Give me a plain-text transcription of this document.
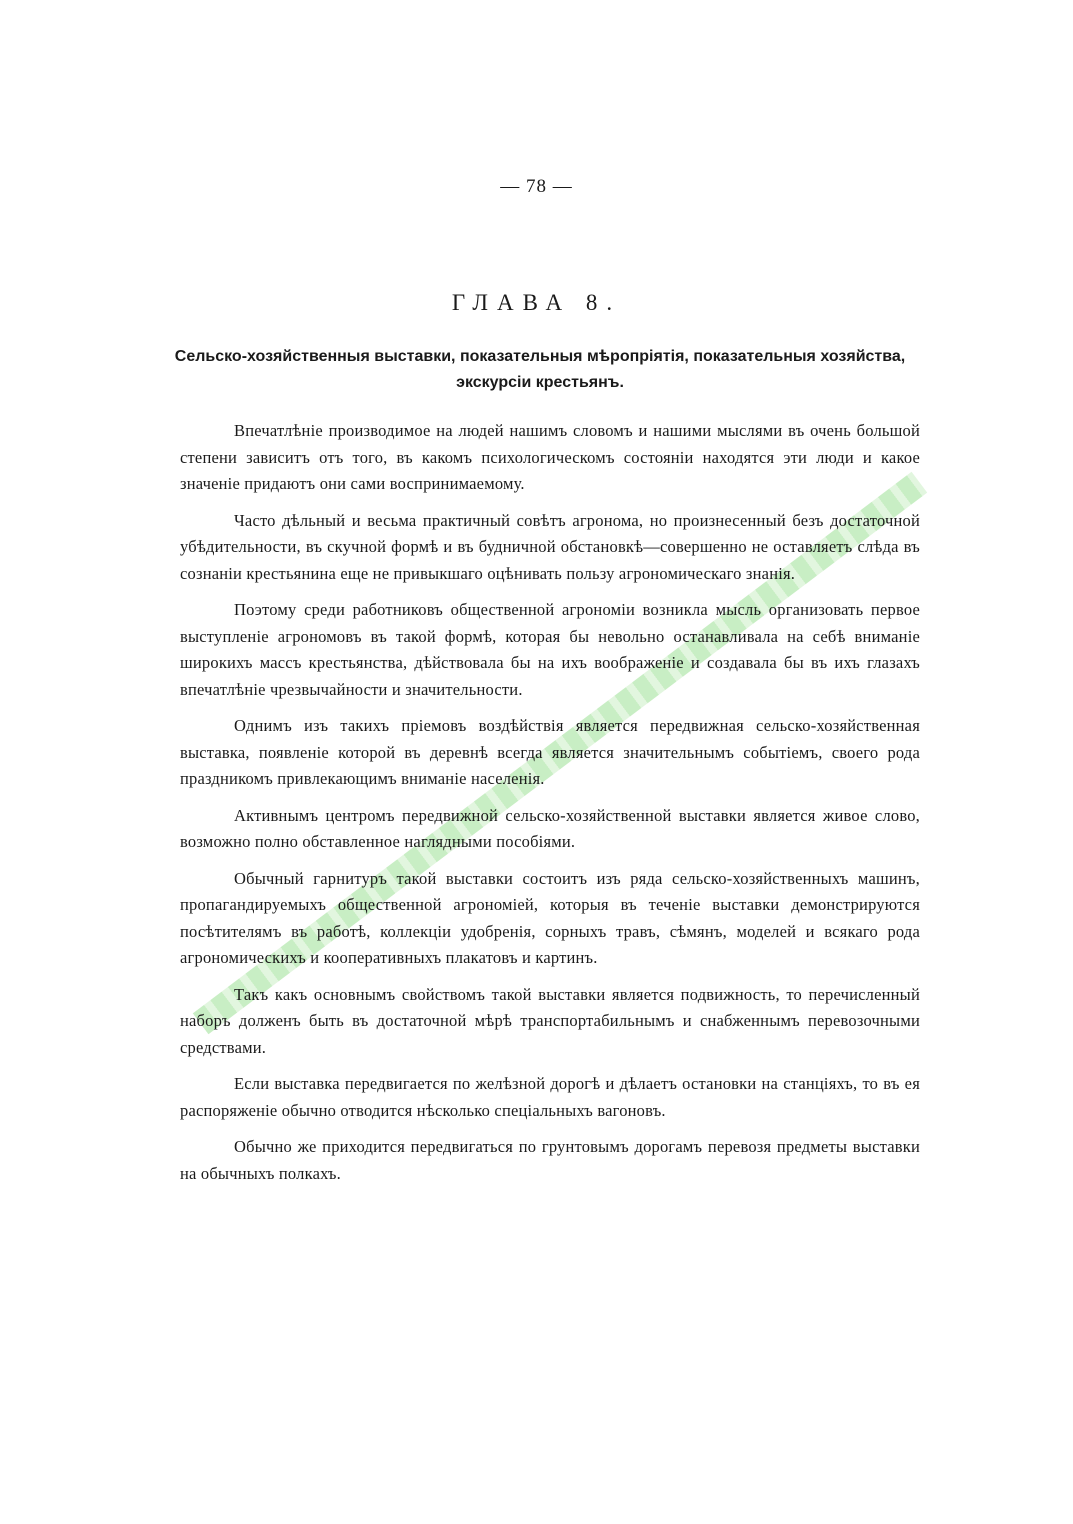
— 78 —
ГЛАВА 8.
Сельско-хозяйственныя выставки, показательныя мѣропріятія, показательныя хозяйства, экскурсіи крестьянъ.

Впечатлѣніе производимое на людей нашимъ словомъ и нашими мыслями въ очень большой степени зависитъ отъ того, въ какомъ психологическомъ состояніи находятся эти люди и какое значеніе придаютъ они сами воспринимаемому.

Часто дѣльный и весьма практичный совѣтъ агронома, но произнесенный безъ достаточной убѣдительности, въ скучной формѣ и въ будничной обстановкѣ—совершенно не оставляетъ слѣда въ сознаніи крестьянина еще не привыкшаго оцѣнивать пользу агрономическаго знанія.

Поэтому среди работниковъ общественной агрономіи возникла мысль организовать первое выступленіе агрономовъ въ такой формѣ, которая бы невольно останавливала на себѣ вниманіе широкихъ массъ крестьянства, дѣйствовала бы на ихъ воображеніе и создавала бы въ ихъ глазахъ впечатлѣніе чрезвычайности и значительности.

Однимъ изъ такихъ пріемовъ воздѣйствія является передвижная сельско-хозяйственная выставка, появленіе которой въ деревнѣ всегда является значительнымъ событіемъ, своего рода праздникомъ привлекающимъ вниманіе населенія.

Активнымъ центромъ передвижной сельско-хозяйственной выставки является живое слово, возможно полно обставленное наглядными пособіями.

Обычный гарнитуръ такой выставки состоитъ изъ ряда сельско-хозяйственныхъ машинъ, пропагандируемыхъ общественной агрономіей, которыя въ теченіе выставки демонстрируются посѣтителямъ въ работѣ, коллекціи удобренія, сорныхъ травъ, сѣмянъ, моделей и всякаго рода агрономическихъ и кооперативныхъ плакатовъ и картинъ.

Такъ какъ основнымъ свойствомъ такой выставки является подвижность, то перечисленный наборъ долженъ быть въ достаточной мѣрѣ транспортабильнымъ и снабженнымъ перевозочными средствами.

Если выставка передвигается по желѣзной дорогѣ и дѣлаетъ остановки на станціяхъ, то въ ея распоряженіе обычно отводится нѣсколько спеціальныхъ вагоновъ.

Обычно же приходится передвигаться по грунтовымъ дорогамъ перевозя предметы выставки на обычныхъ полкахъ.
